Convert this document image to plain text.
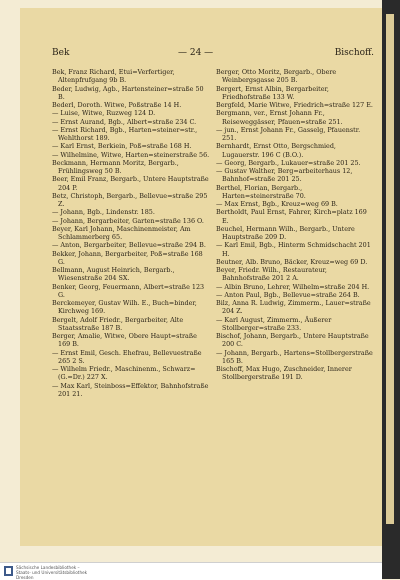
Bek	— 24 —	Bischoff.

Bek, Franz Richard, Etui=Verfertiger, Altenpfrufgang 9b B.

Beder, Ludwig, Agb., Hartensteiner=straße 50 B.

Bederl, Doroth. Witwe, Poßstraße 14 H.

— Luise, Witwe, Ruzweg 124 D.

— Ernst Aurand, Bgb., Albert=straße 234 C.

— Ernst Richard, Bgb., Harten=steiner=str., Wehlthorst 189.

— Karl Ernst, Berkiein, Poß=straße 168 H.

— Wilhelmine, Witwe, Harten=steinerstraße 56.

Beckmann, Hermann Moritz, Bergarb., Frühlingsweg 50 B.

Beer, Emil Franz, Bergarb., Untere Hauptstraße 204 P.

Betz, Christoph, Bergarb., Bellevue=straße 295 Z.

— Johann, Bgb., Lindenstr. 185.

— Johann, Bergarbeiter, Garten=straße 136 O.

Beyer, Karl Johann, Maschinenmeister, Am Schlammerberg 65.

— Anton, Bergarbeiter, Bellevue=straße 294 B.

Bekker, Johann, Bergarbeiter, Poß=straße 168 G.

Bellmann, August Heinrich, Bergarb., Wiesenstraße 204 SX.

Benker, Georg, Feuermann, Albert=straße 123 G.

Berckemeyer, Gustav Wilh. E., Buch=binder, Kirchweg 169.

Bergelt, Adolf Friedr., Bergarbeiter, Alte Staatsstraße 187 B.

Berger, Amalie, Witwe, Obere Haupt=straße 169 B.

— Ernst Emil, Gesch. Ehefrau, Bellevuestraße 265 2 S.

— Wilhelm Friedr., Maschinenm., Schwarz=(G.=Dr.) 227 X.

— Max Karl, Steinboss=Effektor, Bahnhofstraße 201 21.

Berger, Otto Moritz, Bergarb., Obere Weinbergsgasse 205 B.

Bergert, Ernst Albin, Bergarbeiter, Friedhofstraße 133 W.

Bergfeld, Marie Witwe, Friedrich=straße 127 E.

Bergmann, ver., Ernst Johann Fr., Reiseweggässer, Pfauen=straße 251.

— jun., Ernst Johann Fr., Gasselg, Pfauenstr. 251.

Bernhardt, Ernst Otto, Bergschmied, Lugauerstr. 196 C (B.O.).

— Georg, Bergarb., Lukauer=straße 201 25.

— Gustav Walther, Berg=arbeiterhaus 12, Bahnhof=straße 201 25.

Berthel, Florian, Bergarb., Harten=steinerstraße 70.

— Max Ernst, Bgb., Kreuz=weg 69 B.

Bertholdt, Paul Ernst, Fahrer, Kirch=platz 169 E.

Beuchel, Hermann Wilh., Bergarb., Untere Hauptstraße 209 D.

— Karl Emil, Bgb., Hinterm Schmidschacht 201 H.

Beutner, Alb. Bruno, Bäcker, Kreuz=weg 69 D.

Beyer, Friedr. Wilh., Restaurateur, Bahnhofstraße 201 2 A.

— Albin Bruno, Lehrer, Wilhelm=straße 204 H.

— Anton Paul, Bgb., Bellevue=straße 264 B.

Bilz, Anna R. Ludwig, Zimmerm., Lauer=straße 204 Z.

— Karl August, Zimmerm., Äußerer Stollberger=straße 233.

Bischof, Johann, Bergarb., Untere Hauptstraße 200 C.

— Johann, Bergarb., Hartens=Stollbergerstraße 165 B.

Bischoff, Max Hugo, Zuschneider, Innerer Stollbergerstraße 191 D.

Sächsische Landesbibliothek –
Staats- und Universitätsbibliothek
Dresden
